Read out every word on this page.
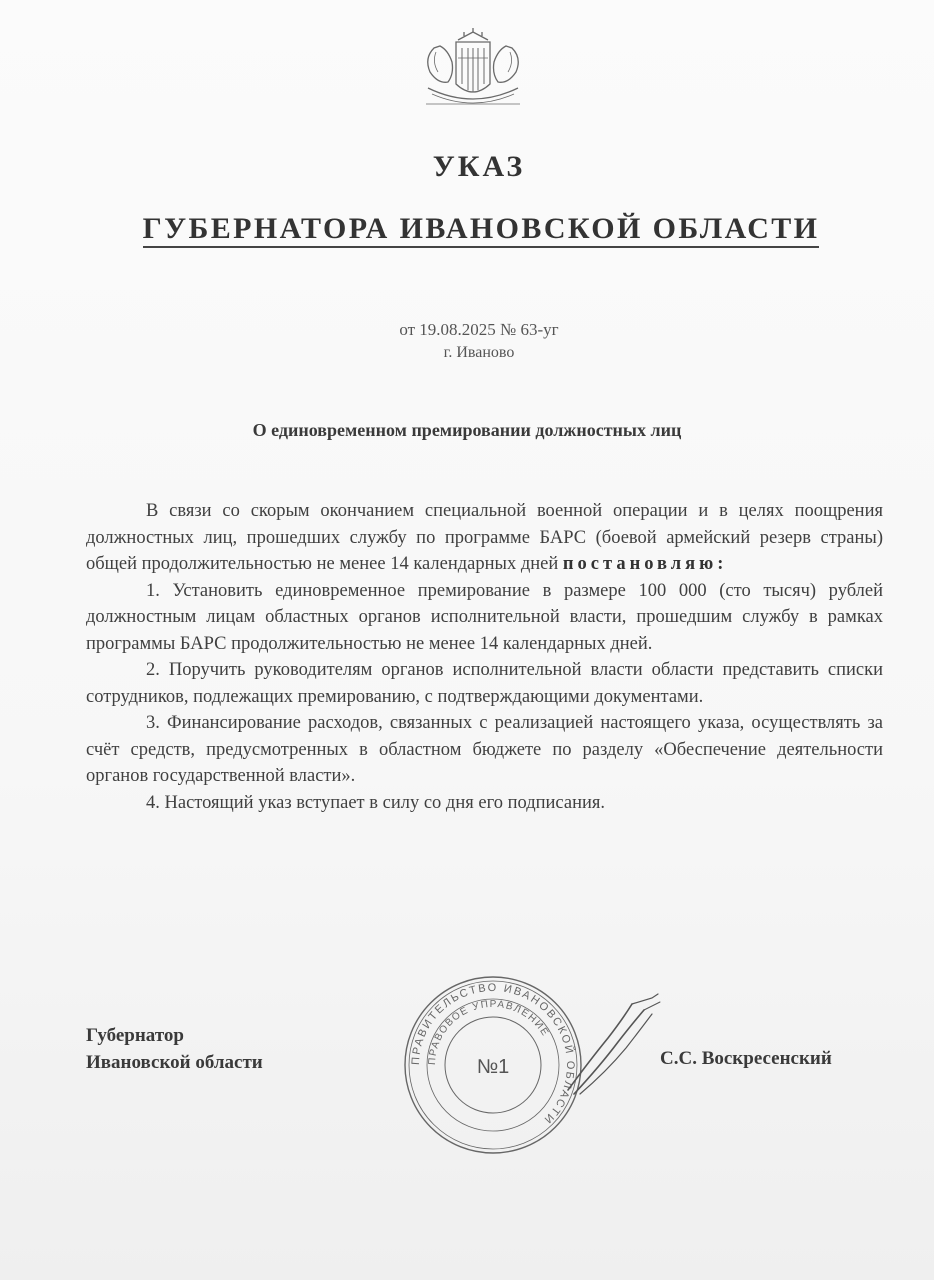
УКАЗ
ГУБЕРНАТОРА ИВАНОВСКОЙ ОБЛАСТИ
от 19.08.2025 № 63-уг
г. Иваново
О единовременном премировании должностных лиц

В связи со скорым окончанием специальной военной операции и в целях поощрения должностных лиц, прошедших службу по программе БАРС (боевой армейский резерв страны) общей продолжительностью не менее 14 календарных дней постановляю:

1. Установить единовременное премирование в размере 100 000 (сто тысяч) рублей должностным лицам областных органов исполнительной власти, прошедшим службу в рамках программы БАРС продолжительностью не менее 14 календарных дней.

2. Поручить руководителям органов исполнительной власти области представить списки сотрудников, подлежащих премированию, с подтверждающими документами.

3. Финансирование расходов, связанных с реализацией настоящего указа, осуществлять за счёт средств, предусмотренных в областном бюджете по разделу «Обеспечение деятельности органов государственной власти».

4. Настоящий указ вступает в силу со дня его подписания.

Губернатор
Ивановской области	ПРАВИТЕЛЬСТВО ИВАНОВСКОЙ ОБЛАСТИ
ПРАВОВОЕ УПРАВЛЕНИЕ
№1	С.С. Воскресенский
